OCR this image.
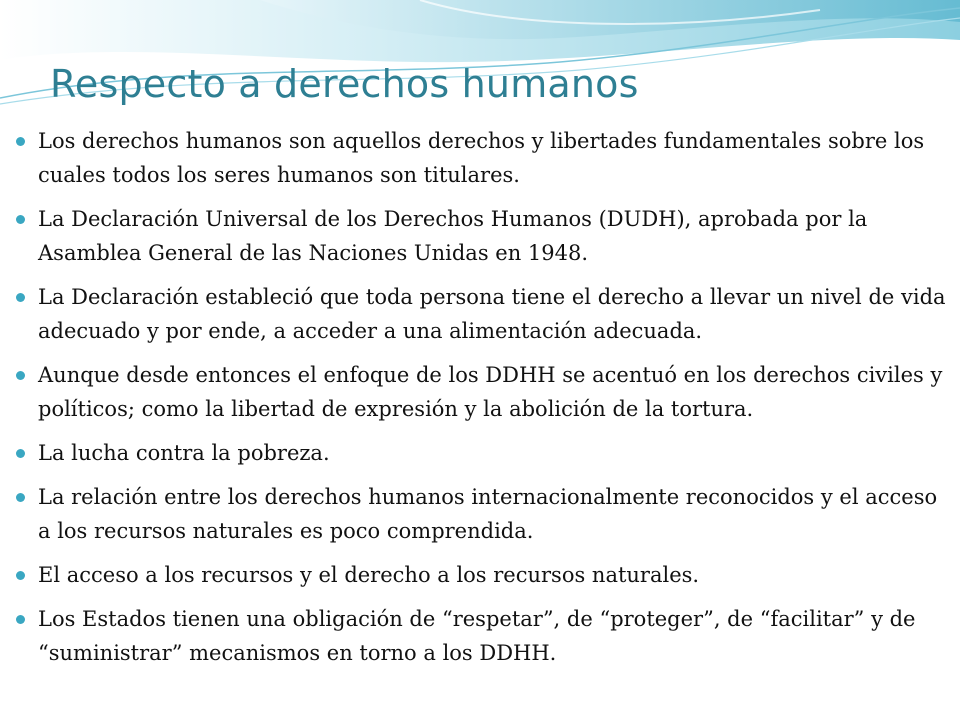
Respecto a derechos humanos
Los derechos humanos son aquellos derechos y libertades fundamentales sobre los cuales todos los seres humanos son titulares.
La Declaración Universal de los Derechos Humanos (DUDH), aprobada por la Asamblea General de las Naciones Unidas en 1948.
La Declaración estableció que toda persona tiene el derecho a llevar un nivel de vida adecuado y por ende, a acceder a una alimentación adecuada.
Aunque desde entonces el enfoque de los DDHH se acentuó en los derechos civiles y políticos; como la libertad de expresión y la abolición de la tortura.
La lucha contra la pobreza.
La relación entre los derechos humanos internacionalmente reconocidos y el acceso a los recursos naturales es poco comprendida.
El acceso a los recursos y el derecho a los recursos naturales.
Los Estados tienen una obligación de “respetar”, de “proteger”, de “facilitar” y de “suministrar” mecanismos en torno a los DDHH.
